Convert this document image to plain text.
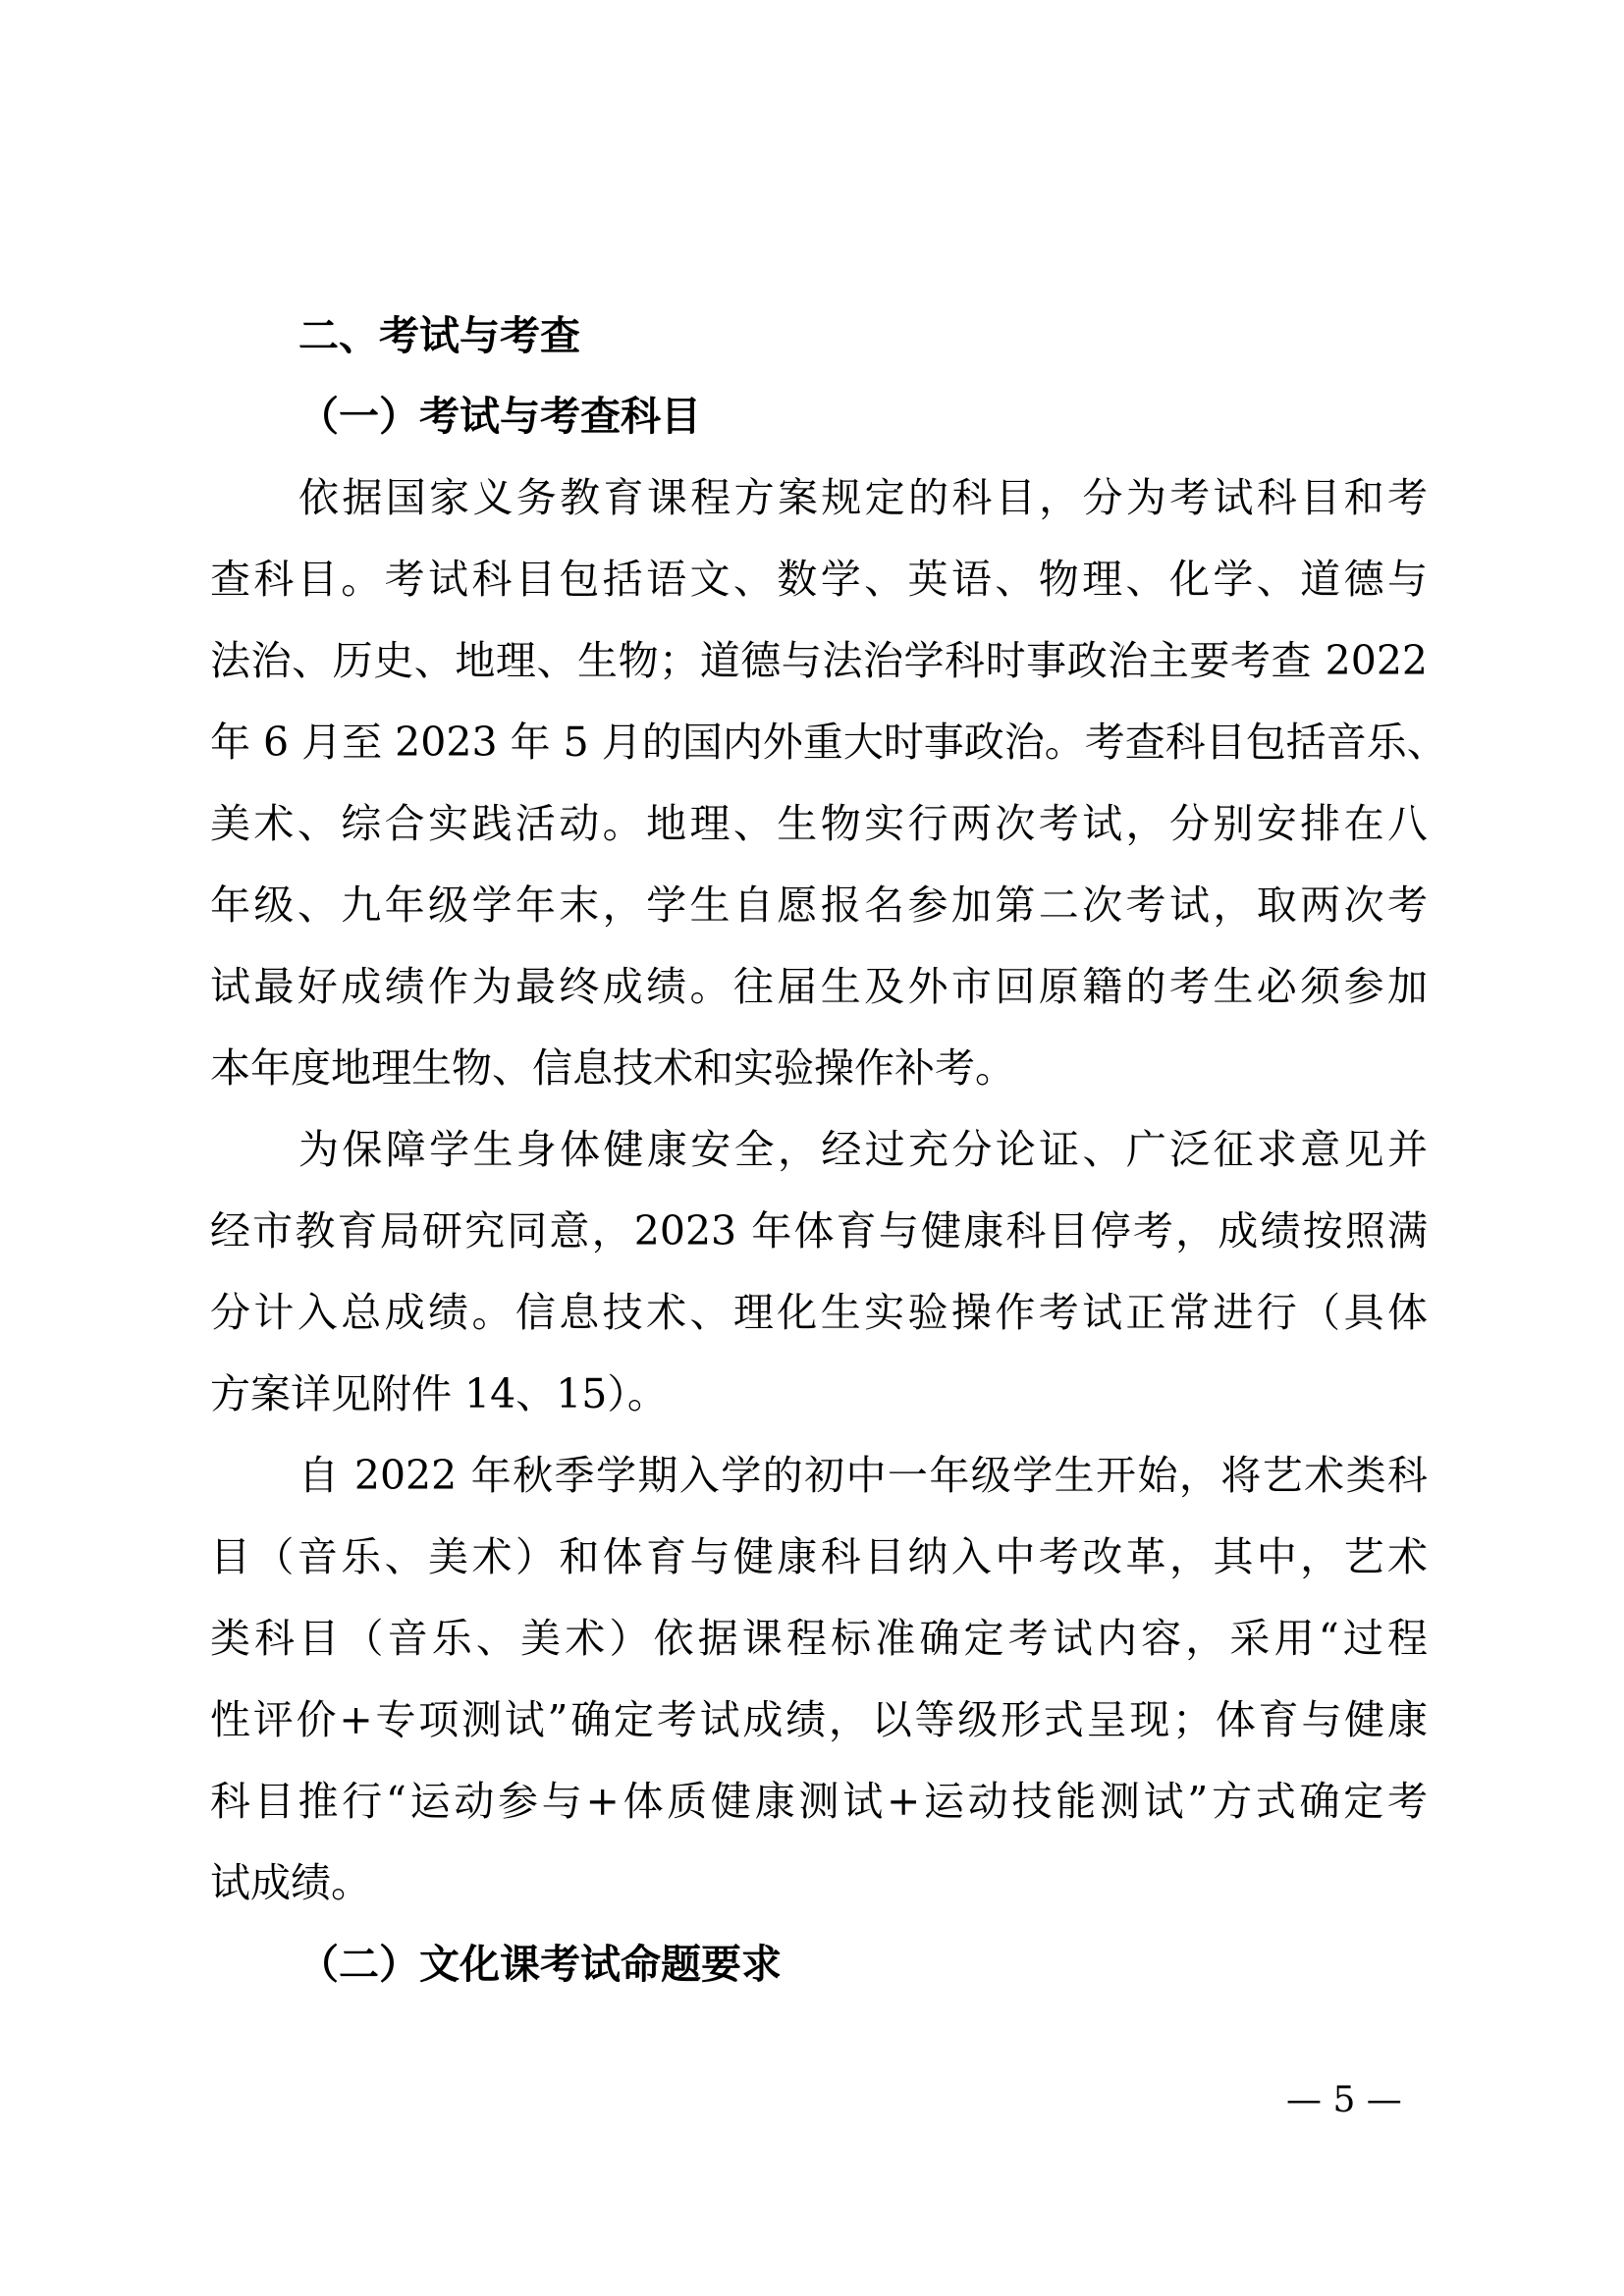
二、考试与考查
（一）考试与考查科目
依据国家义务教育课程方案规定的科目，分为考试科目和考
查科目。考试科目包括语文、数学、英语、物理、化学、道德与
法治、历史、地理、生物；道德与法治学科时事政治主要考查 2022
年 6 月至 2023 年 5 月的国内外重大时事政治。考查科目包括音乐、
美术、综合实践活动。地理、生物实行两次考试，分别安排在八
年级、九年级学年末，学生自愿报名参加第二次考试，取两次考
试最好成绩作为最终成绩。往届生及外市回原籍的考生必须参加
本年度地理生物、信息技术和实验操作补考。
为保障学生身体健康安全，经过充分论证、广泛征求意见并
经市教育局研究同意，2023 年体育与健康科目停考，成绩按照满
分计入总成绩。信息技术、理化生实验操作考试正常进行（具体
方案详见附件 14、15）。
自 2022 年秋季学期入学的初中一年级学生开始，将艺术类科
目（音乐、美术）和体育与健康科目纳入中考改革，其中，艺术
类科目（音乐、美术）依据课程标准确定考试内容，采用“过程
性评价+专项测试”确定考试成绩，以等级形式呈现；体育与健康
科目推行“运动参与+体质健康测试+运动技能测试”方式确定考
试成绩。
（二）文化课考试命题要求
— 5 —
